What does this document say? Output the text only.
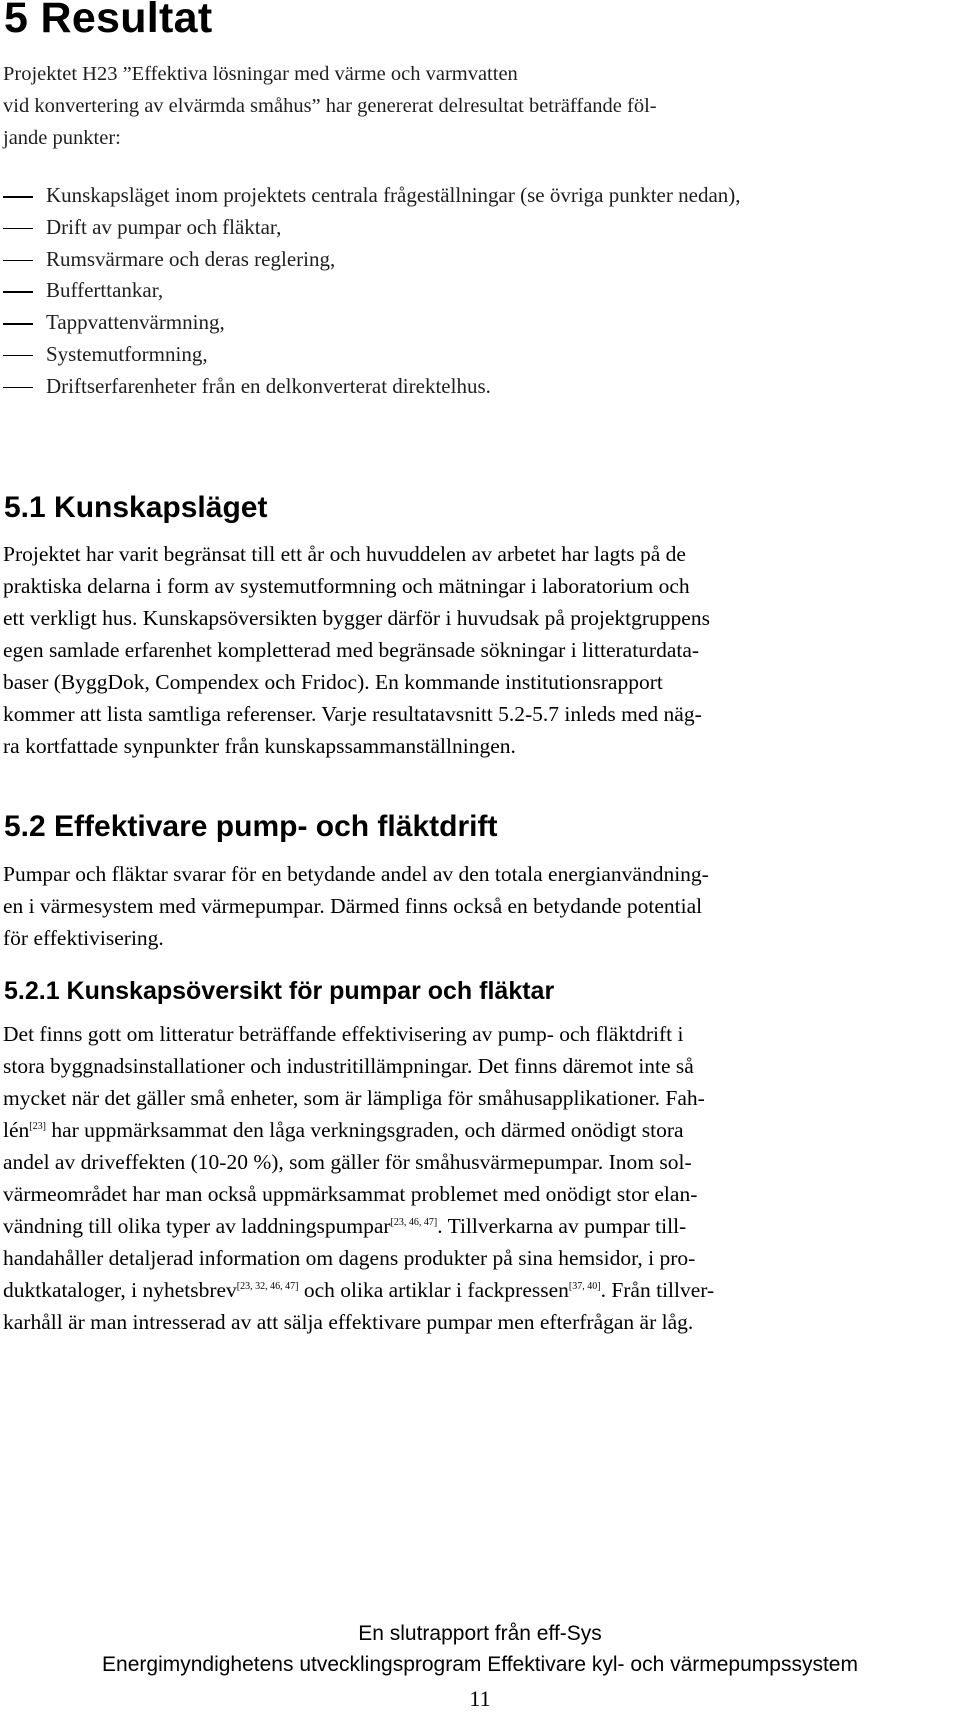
5 Resultat
Projektet H23 ”Effektiva lösningar med värme och varmvatten
vid konvertering av elvärmda småhus” har genererat delresultat beträffande föl-
jande punkter:
Kunskapsläget inom projektets centrala frågeställningar (se övriga punkter nedan),
Drift av pumpar och fläktar,
Rumsvärmare och deras reglering,
Bufferttankar,
Tappvattenvärmning,
Systemutformning,
Driftserfarenheter från en delkonverterat direktelhus.
5.1 Kunskapsläget
Projektet har varit begränsat till ett år och huvuddelen av arbetet har lagts på de
praktiska delarna i form av systemutformning och mätningar i laboratorium och
ett verkligt hus. Kunskapsöversikten bygger därför i huvudsak på projektgruppens
egen samlade erfarenhet kompletterad med begränsade sökningar i litteraturdata-
baser (ByggDok, Compendex och Fridoc). En kommande institutionsrapport
kommer att lista samtliga referenser. Varje resultatavsnitt 5.2-5.7 inleds med näg-
ra kortfattade synpunkter från kunskapssammanställningen.
5.2 Effektivare pump- och fläktdrift
Pumpar och fläktar svarar för en betydande andel av den totala energianvändning-
en i värmesystem med värmepumpar. Därmed finns också en betydande potential
för effektivisering.
5.2.1 Kunskapsöversikt för pumpar och fläktar
Det finns gott om litteratur beträffande effektivisering av pump- och fläktdrift i
stora byggnadsinstallationer och industritillämpningar. Det finns däremot inte så
mycket när det gäller små enheter, som är lämpliga för småhusapplikationer. Fah-
lén[23] har uppmärksammat den låga verkningsgraden, och därmed onödigt stora
andel av driveffekten (10-20 %), som gäller för småhusvärmepumpar. Inom sol-
värmeområdet har man också uppmärksammat problemet med onödigt stor elan-
vändning till olika typer av laddningspumpar[23, 46, 47]. Tillverkarna av pumpar till-
handahåller detaljerad information om dagens produkter på sina hemsidor, i pro-
duktkataloger, i nyhetsbrev[23, 32, 46, 47] och olika artiklar i fackpressen[37, 40]. Från tillver-
karhåll är man intresserad av att sälja effektivare pumpar men efterfrågan är låg.
En slutrapport från eff-Sys
Energimyndighetens utvecklingsprogram Effektivare kyl- och värmepumpssystem
11
